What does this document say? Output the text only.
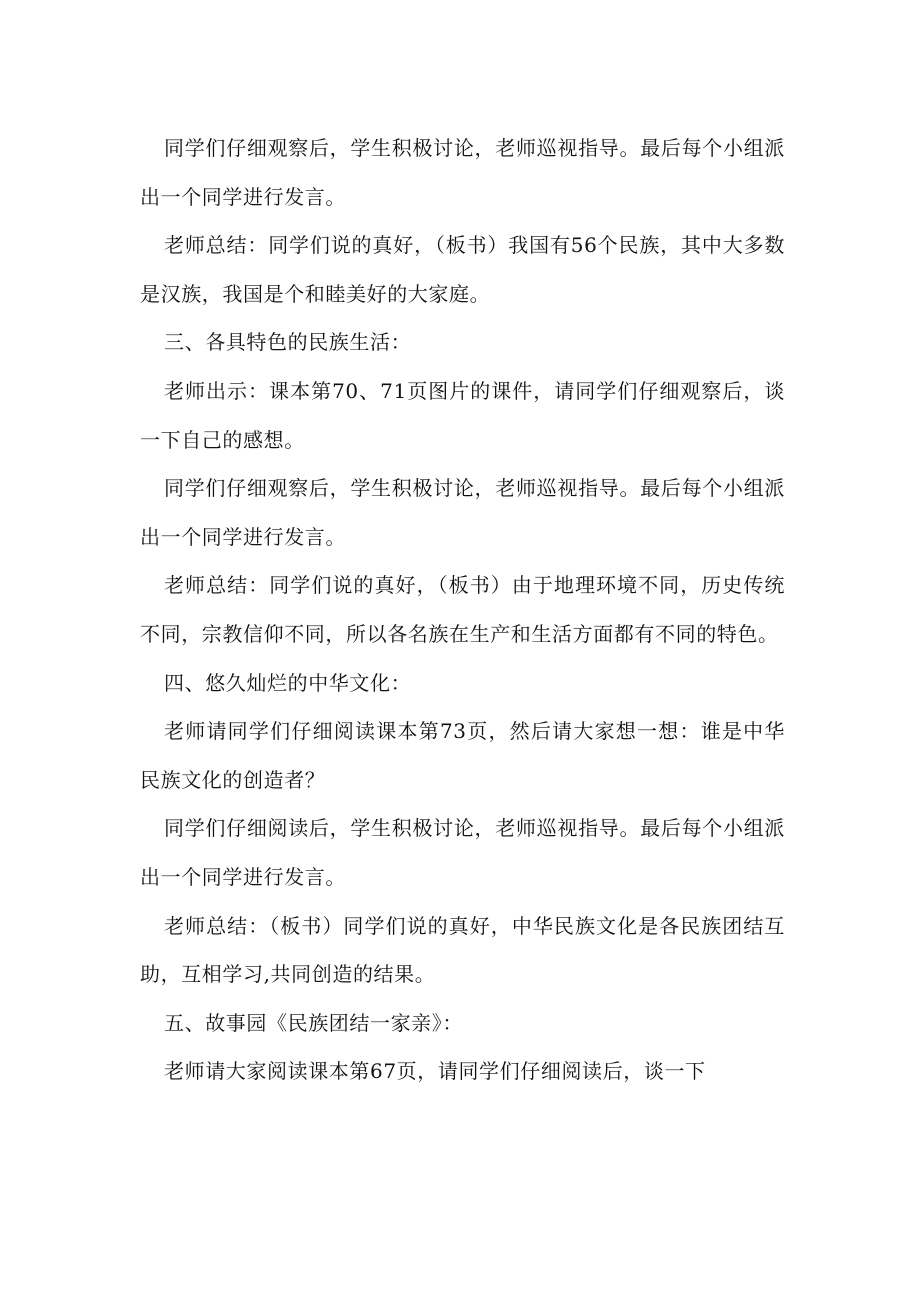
同学们仔细观察后，学生积极讨论，老师巡视指导。最后每个小组派出一个同学进行发言。

老师总结：同学们说的真好，（板书）我国有56个民族，其中大多数是汉族，我国是个和睦美好的大家庭。

三、各具特色的民族生活：

老师出示：课本第70、71页图片的课件，请同学们仔细观察后，谈一下自己的感想。

同学们仔细观察后，学生积极讨论，老师巡视指导。最后每个小组派出一个同学进行发言。

老师总结：同学们说的真好，（板书）由于地理环境不同，历史传统不同，宗教信仰不同，所以各名族在生产和生活方面都有不同的特色。

四、悠久灿烂的中华文化：

老师请同学们仔细阅读课本第73页，然后请大家想一想：谁是中华民族文化的创造者？

同学们仔细阅读后，学生积极讨论，老师巡视指导。最后每个小组派出一个同学进行发言。

老师总结：（板书）同学们说的真好，中华民族文化是各民族团结互助，互相学习,共同创造的结果。

五、故事园《民族团结一家亲》：

老师请大家阅读课本第67页，请同学们仔细阅读后，谈一下
